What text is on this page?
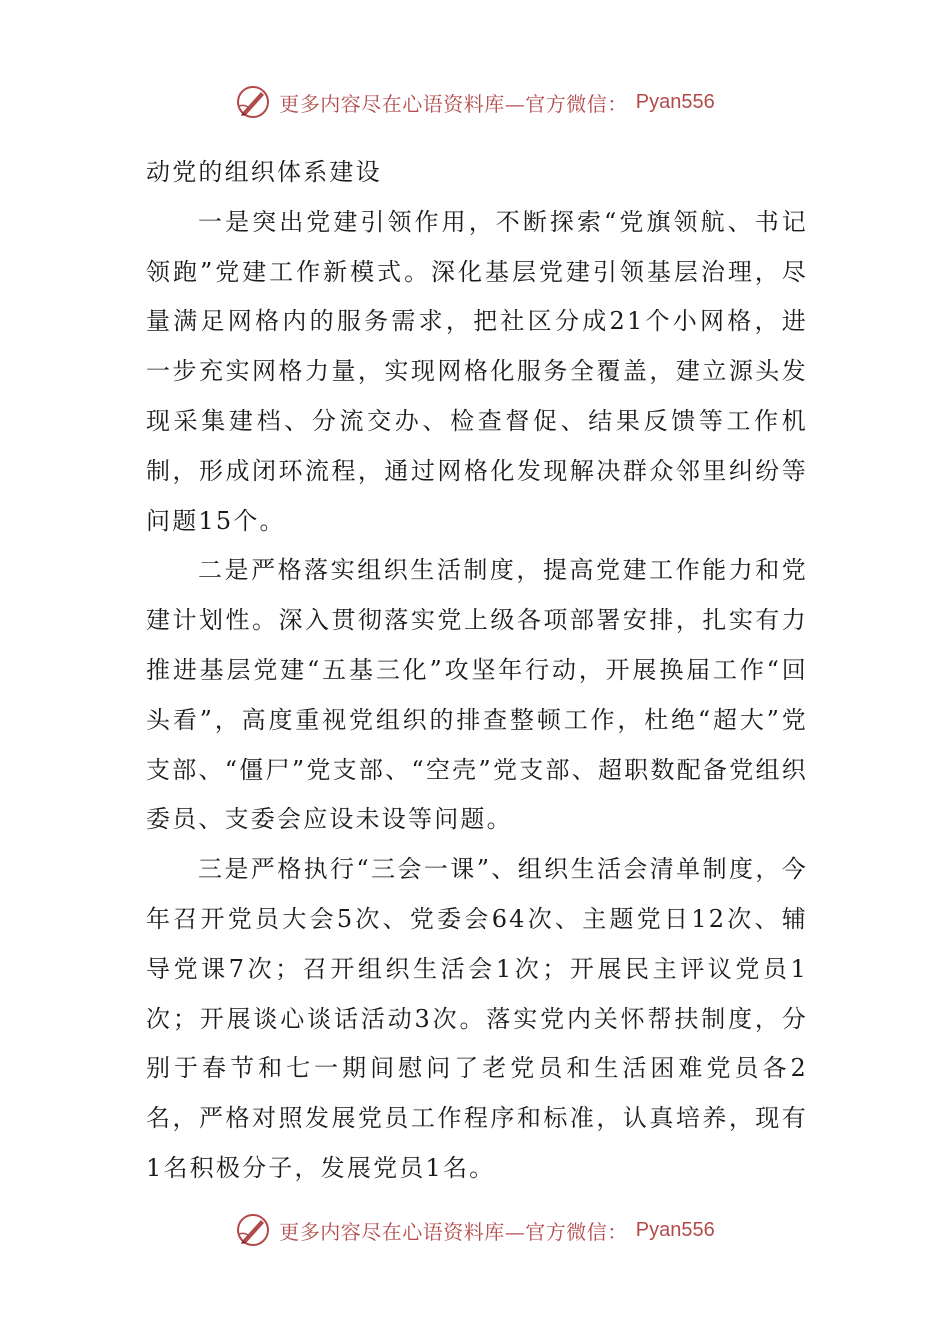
更多内容尽在心语资料库—官方微信： Pyan556

动党的组织体系建设

一是突出党建引领作用，不断探索“党旗领航、书记领跑”党建工作新模式。深化基层党建引领基层治理，尽量满足网格内的服务需求，把社区分成21个小网格，进一步充实网格力量，实现网格化服务全覆盖，建立源头发现采集建档、分流交办、检查督促、结果反馈等工作机制，形成闭环流程，通过网格化发现解决群众邻里纠纷等问题15个。

二是严格落实组织生活制度，提高党建工作能力和党建计划性。深入贯彻落实党上级各项部署安排，扎实有力推进基层党建“五基三化”攻坚年行动，开展换届工作“回头看”，高度重视党组织的排查整顿工作，杜绝“超大”党支部、“僵尸”党支部、“空壳”党支部、超职数配备党组织委员、支委会应设未设等问题。

三是严格执行“三会一课”、组织生活会清单制度，今年召开党员大会5次、党委会64次、主题党日12次、辅导党课7次；召开组织生活会1次；开展民主评议党员1次；开展谈心谈话活动3次。落实党内关怀帮扶制度，分别于春节和七一期间慰问了老党员和生活困难党员各2名，严格对照发展党员工作程序和标准，认真培养，现有1名积极分子，发展党员1名。

更多内容尽在心语资料库—官方微信： Pyan556
